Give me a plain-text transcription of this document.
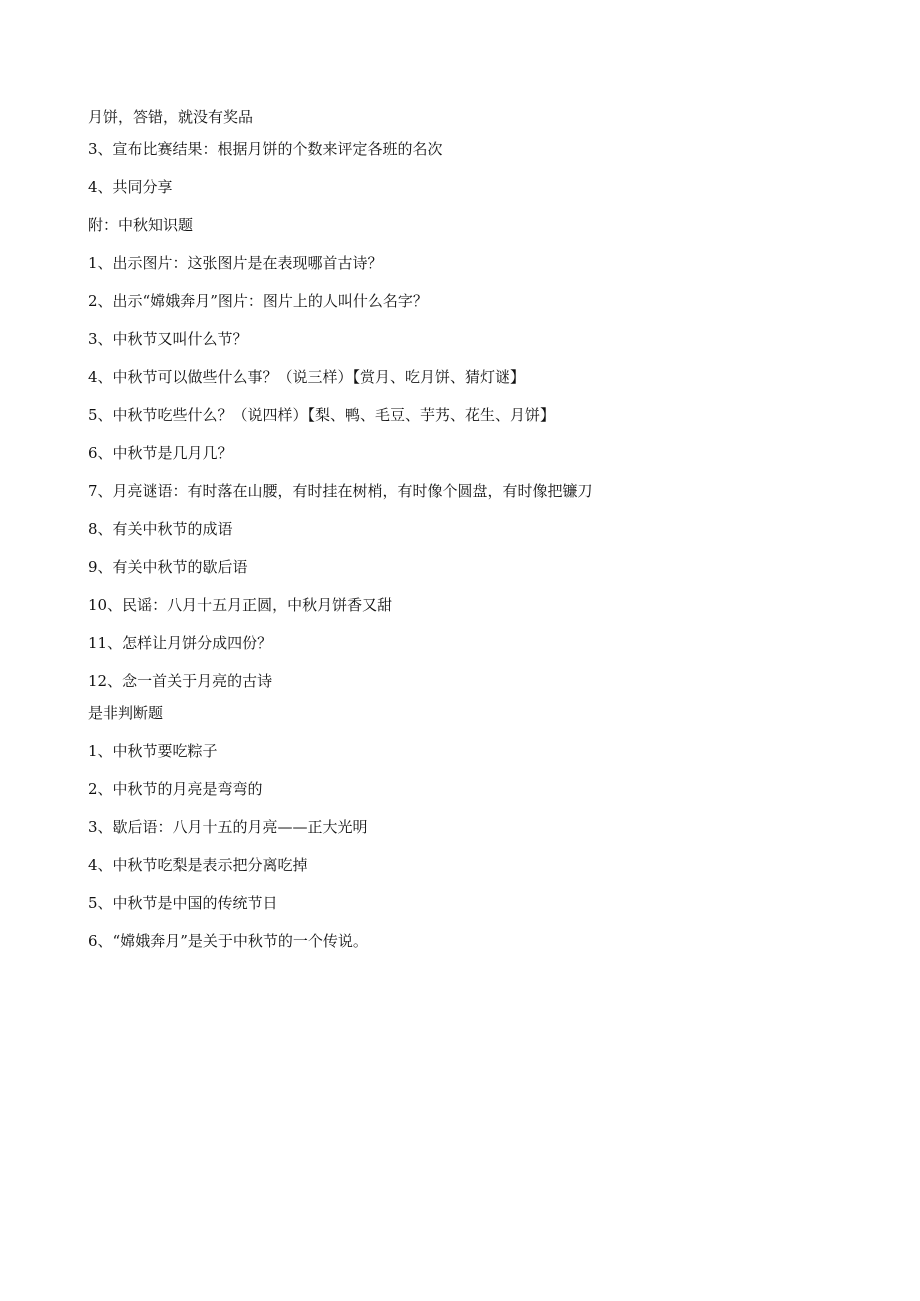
月饼，答错，就没有奖品

3、宣布比赛结果：根据月饼的个数来评定各班的名次

4、共同分享

附：中秋知识题

1、出示图片：这张图片是在表现哪首古诗？

2、出示“嫦娥奔月”图片：图片上的人叫什么名字？

3、中秋节又叫什么节？

4、中秋节可以做些什么事？（说三样）【赏月、吃月饼、猜灯谜】

5、中秋节吃些什么？（说四样）【梨、鸭、毛豆、芋艿、花生、月饼】

6、中秋节是几月几？

7、月亮谜语：有时落在山腰，有时挂在树梢，有时像个圆盘，有时像把镰刀

8、有关中秋节的成语

9、有关中秋节的歇后语

10、民谣：八月十五月正圆，中秋月饼香又甜

11、怎样让月饼分成四份？

12、念一首关于月亮的古诗

是非判断题

1、中秋节要吃粽子

2、中秋节的月亮是弯弯的

3、歇后语：八月十五的月亮——正大光明

4、中秋节吃梨是表示把分离吃掉

5、中秋节是中国的传统节日

6、“嫦娥奔月”是关于中秋节的一个传说。
